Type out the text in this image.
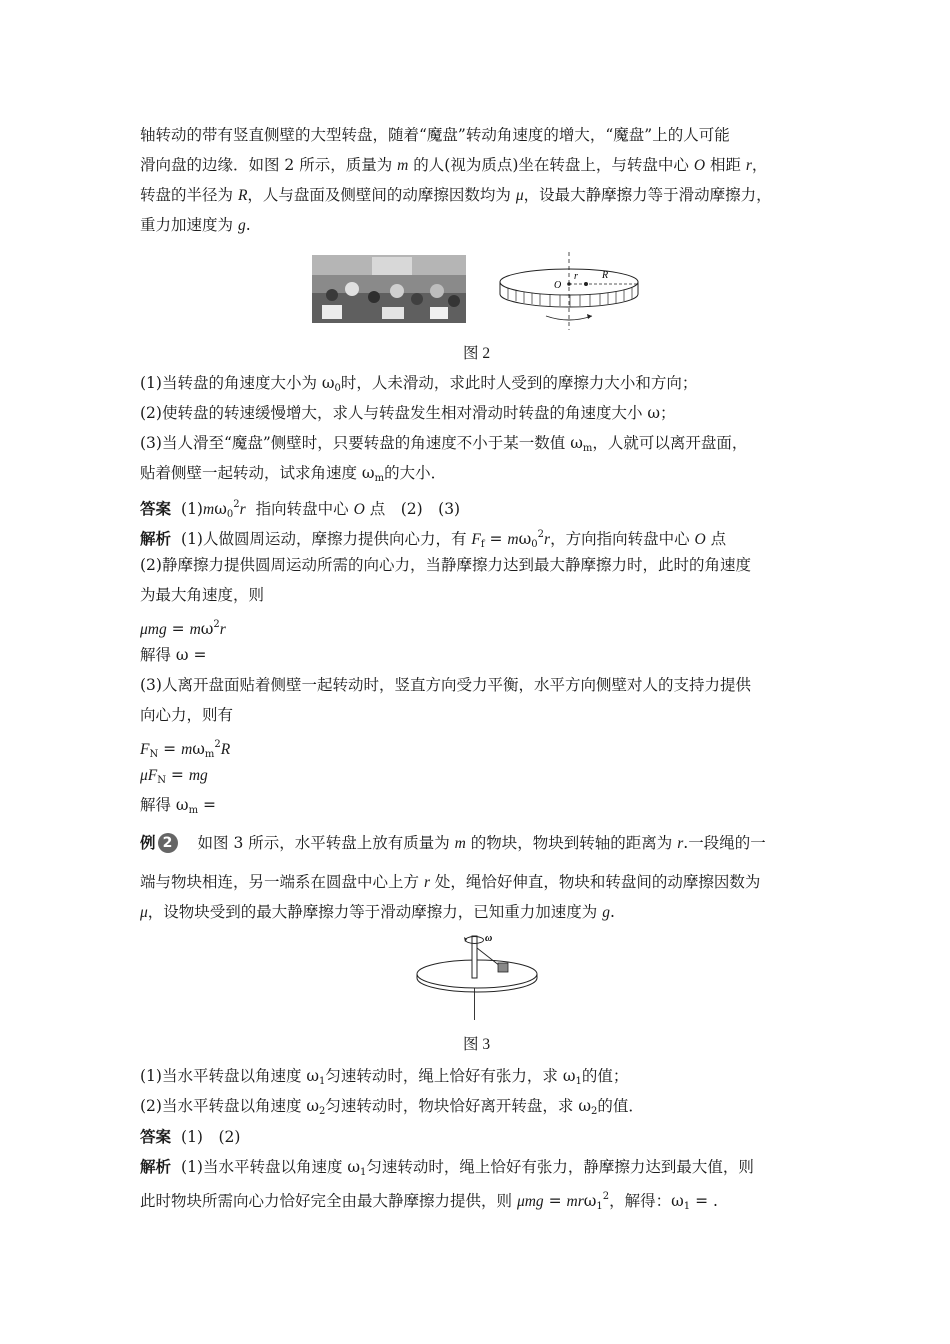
轴转动的带有竖直侧壁的大型转盘，随着“魔盘”转动角速度的增大，“魔盘”上的人可能
滑向盘的边缘．如图 2 所示，质量为 m 的人(视为质点)坐在转盘上，与转盘中心 O 相距 r，
转盘的半径为 R，人与盘面及侧壁间的动摩擦因数均为 μ，设最大静摩擦力等于滑动摩擦力，
重力加速度为 g.
r R
O
图 2
(1)当转盘的角速度大小为 $\omega_0$时，人未滑动，求此时人受到的摩擦力大小和方向；
(2)使转盘的转速缓慢增大，求人与转盘发生相对滑动时转盘的角速度大小 ω；
(3)当人滑至“魔盘”侧壁时，只要转盘的角速度不小于某一数值 $\omega_m$，人就可以离开盘面，
贴着侧壁一起转动，试求角速度 $\omega_m$的大小．
答案 $(1)m\omega_0^2r$ 指向转盘中心 O 点　(2)　(3)
解析 (1)人做圆周运动，摩擦力提供向心力，有 $F_f = m\omega_0^2r$，方向指向转盘中心 O 点
(2)静摩擦力提供圆周运动所需的向心力，当静摩擦力达到最大静摩擦力时，此时的角速度
为最大角速度，则
$\mu mg = m\omega^2r$
解得 ω =
(3)人离开盘面贴着侧壁一起转动时，竖直方向受力平衡，水平方向侧壁对人的支持力提供
向心力，则有
$F_N = m\omega_m^2R$
$\mu F_N$ = mg
解得 $\omega_m$ =
例 2 如图 3 所示，水平转盘上放有质量为 m 的物块，物块到转轴的距离为 r.一段绳的一
端与物块相连，另一端系在圆盘中心上方 r 处，绳恰好伸直，物块和转盘间的动摩擦因数为
μ，设物块受到的最大静摩擦力等于滑动摩擦力，已知重力加速度为 g.
ω
图 3
(1)当水平转盘以角速度 $\omega_1$匀速转动时，绳上恰好有张力，求 $\omega_1$的值；
(2)当水平转盘以角速度 $\omega_2$匀速转动时，物块恰好离开转盘，求 $\omega_2$的值．
答案 (1)　(2)
解析 (1)当水平转盘以角速度 $\omega_1$匀速转动时，绳上恰好有张力，静摩擦力达到最大值，则
此时物块所需向心力恰好完全由最大静摩擦力提供，则 μmg = mrω$_1^2$，解得：$\omega_1$ = .
